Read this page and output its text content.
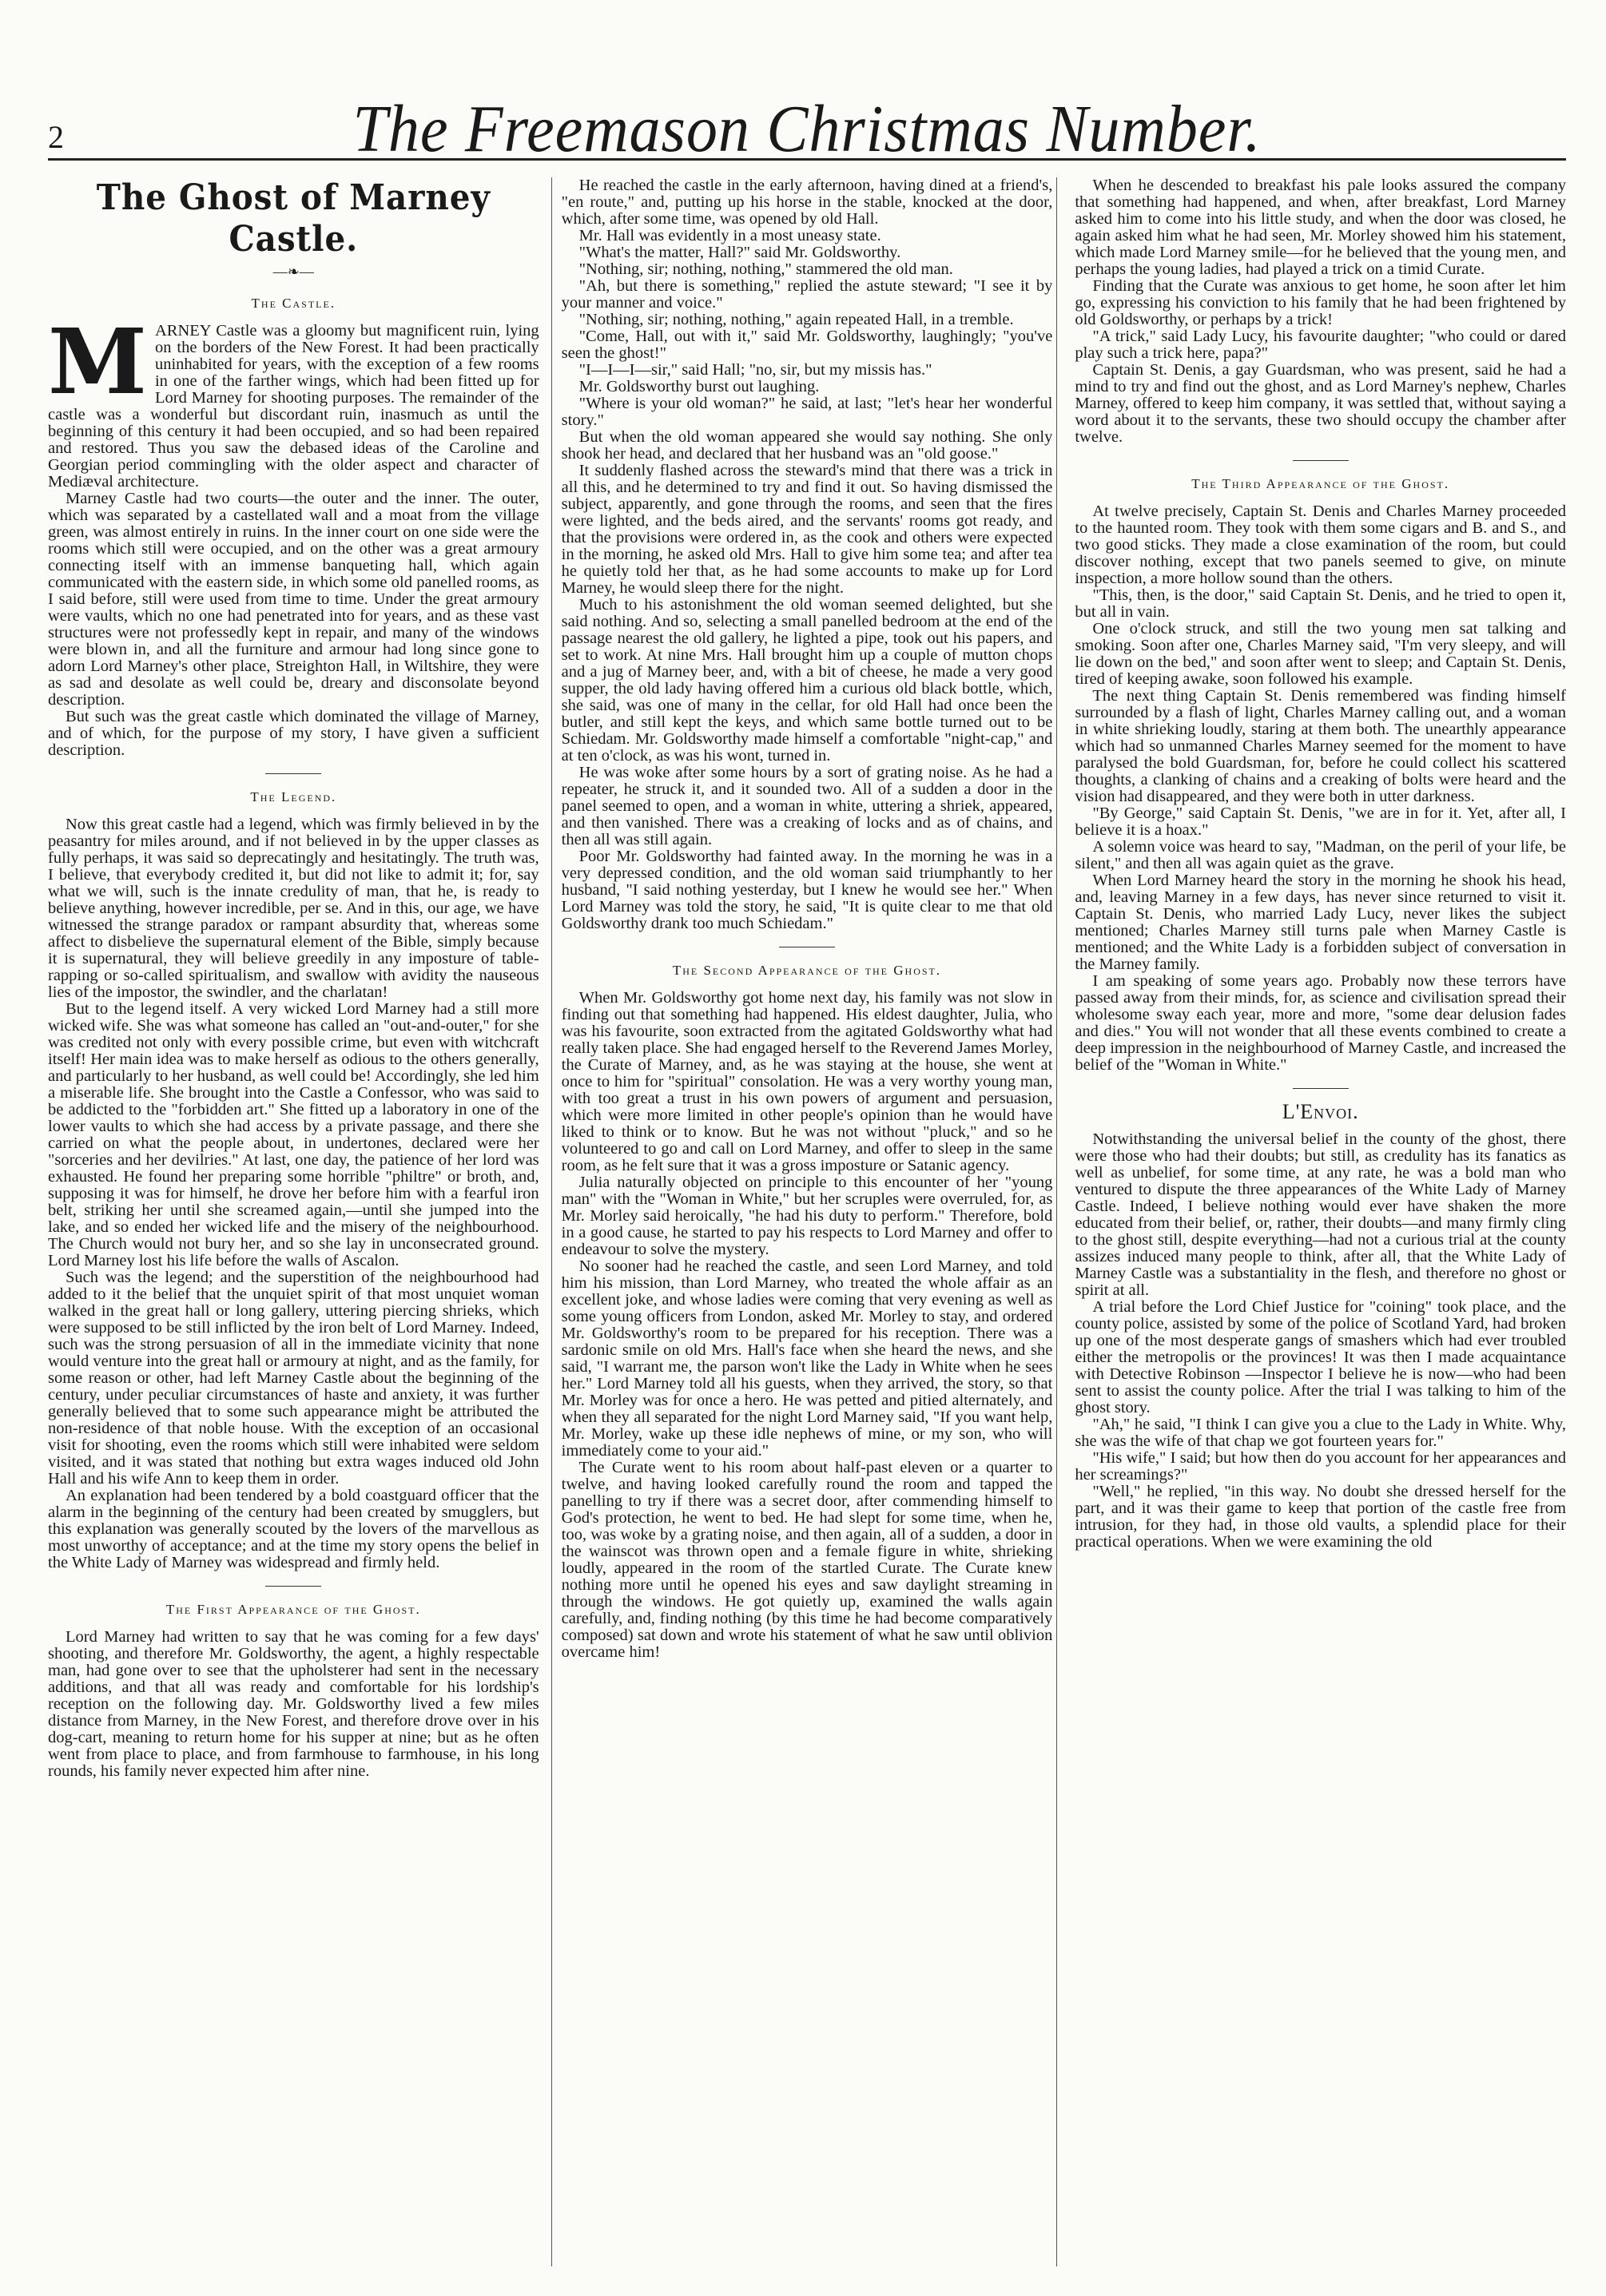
2	The Freemason Christmas Number.
The Ghost of Marney Castle.
—❧—
The Castle.

MARNEY Castle was a gloomy but magnificent ruin, lying on the borders of the New Forest. It had been practically uninhabited for years, with the exception of a few rooms in one of the farther wings, which had been fitted up for Lord Marney for shooting purposes. The remainder of the castle was a wonderful but discordant ruin, inasmuch as until the beginning of this century it had been occupied, and so had been repaired and restored. Thus you saw the debased ideas of the Caroline and Georgian period commingling with the older aspect and character of Mediæval architecture.

Marney Castle had two courts—the outer and the inner. The outer, which was separated by a castellated wall and a moat from the village green, was almost entirely in ruins. In the inner court on one side were the rooms which still were occupied, and on the other was a great armoury connecting itself with an immense banqueting hall, which again communicated with the eastern side, in which some old panelled rooms, as I said before, still were used from time to time. Under the great armoury were vaults, which no one had penetrated into for years, and as these vast structures were not professedly kept in repair, and many of the windows were blown in, and all the furniture and armour had long since gone to adorn Lord Marney's other place, Streighton Hall, in Wiltshire, they were as sad and desolate as well could be, dreary and disconsolate beyond description.

But such was the great castle which dominated the village of Marney, and of which, for the purpose of my story, I have given a sufficient description.

The Legend.

Now this great castle had a legend, which was firmly believed in by the peasantry for miles around, and if not believed in by the upper classes as fully perhaps, it was said so deprecatingly and hesitatingly. The truth was, I believe, that everybody credited it, but did not like to admit it; for, say what we will, such is the innate credulity of man, that he, is ready to believe anything, however incredible, per se. And in this, our age, we have witnessed the strange paradox or rampant absurdity that, whereas some affect to disbelieve the supernatural element of the Bible, simply because it is supernatural, they will believe greedily in any imposture of table-rapping or so-called spiritualism, and swallow with avidity the nauseous lies of the impostor, the swindler, and the charlatan!

But to the legend itself. A very wicked Lord Marney had a still more wicked wife. She was what someone has called an "out-and-outer," for she was credited not only with every possible crime, but even with witchcraft itself! Her main idea was to make herself as odious to the others generally, and particularly to her husband, as well could be! Accordingly, she led him a miserable life. She brought into the Castle a Confessor, who was said to be addicted to the "forbidden art." She fitted up a laboratory in one of the lower vaults to which she had access by a private passage, and there she carried on what the people about, in undertones, declared were her "sorceries and her devilries." At last, one day, the patience of her lord was exhausted. He found her preparing some horrible "philtre" or broth, and, supposing it was for himself, he drove her before him with a fearful iron belt, striking her until she screamed again,—until she jumped into the lake, and so ended her wicked life and the misery of the neighbourhood. The Church would not bury her, and so she lay in unconsecrated ground. Lord Marney lost his life before the walls of Ascalon.

Such was the legend; and the superstition of the neighbourhood had added to it the belief that the unquiet spirit of that most unquiet woman walked in the great hall or long gallery, uttering piercing shrieks, which were supposed to be still inflicted by the iron belt of Lord Marney. Indeed, such was the strong persuasion of all in the immediate vicinity that none would venture into the great hall or armoury at night, and as the family, for some reason or other, had left Marney Castle about the beginning of the century, under peculiar circumstances of haste and anxiety, it was further generally believed that to some such appearance might be attributed the non-residence of that noble house. With the exception of an occasional visit for shooting, even the rooms which still were inhabited were seldom visited, and it was stated that nothing but extra wages induced old John Hall and his wife Ann to keep them in order.

An explanation had been tendered by a bold coastguard officer that the alarm in the beginning of the century had been created by smugglers, but this explanation was generally scouted by the lovers of the marvellous as most unworthy of acceptance; and at the time my story opens the belief in the White Lady of Marney was widespread and firmly held.

The First Appearance of the Ghost.

Lord Marney had written to say that he was coming for a few days' shooting, and therefore Mr. Goldsworthy, the agent, a highly respectable man, had gone over to see that the upholsterer had sent in the necessary additions, and that all was ready and comfortable for his lordship's reception on the following day. Mr. Goldsworthy lived a few miles distance from Marney, in the New Forest, and therefore drove over in his dog-cart, meaning to return home for his supper at nine; but as he often went from place to place, and from farmhouse to farmhouse, in his long rounds, his family never expected him after nine.

He reached the castle in the early afternoon, having dined at a friend's, "en route," and, putting up his horse in the stable, knocked at the door, which, after some time, was opened by old Hall.

Mr. Hall was evidently in a most uneasy state.

"What's the matter, Hall?" said Mr. Goldsworthy.

"Nothing, sir; nothing, nothing," stammered the old man.

"Ah, but there is something," replied the astute steward; "I see it by your manner and voice."

"Nothing, sir; nothing, nothing," again repeated Hall, in a tremble.

"Come, Hall, out with it," said Mr. Goldsworthy, laughingly; "you've seen the ghost!"

"I—I—I—sir," said Hall; "no, sir, but my missis has."

Mr. Goldsworthy burst out laughing.

"Where is your old woman?" he said, at last; "let's hear her wonderful story."

But when the old woman appeared she would say nothing. She only shook her head, and declared that her husband was an "old goose."

It suddenly flashed across the steward's mind that there was a trick in all this, and he determined to try and find it out. So having dismissed the subject, apparently, and gone through the rooms, and seen that the fires were lighted, and the beds aired, and the servants' rooms got ready, and that the provisions were ordered in, as the cook and others were expected in the morning, he asked old Mrs. Hall to give him some tea; and after tea he quietly told her that, as he had some accounts to make up for Lord Marney, he would sleep there for the night.

Much to his astonishment the old woman seemed delighted, but she said nothing. And so, selecting a small panelled bedroom at the end of the passage nearest the old gallery, he lighted a pipe, took out his papers, and set to work. At nine Mrs. Hall brought him up a couple of mutton chops and a jug of Marney beer, and, with a bit of cheese, he made a very good supper, the old lady having offered him a curious old black bottle, which, she said, was one of many in the cellar, for old Hall had once been the butler, and still kept the keys, and which same bottle turned out to be Schiedam. Mr. Goldsworthy made himself a comfortable "night-cap," and at ten o'clock, as was his wont, turned in.

He was woke after some hours by a sort of grating noise. As he had a repeater, he struck it, and it sounded two. All of a sudden a door in the panel seemed to open, and a woman in white, uttering a shriek, appeared, and then vanished. There was a creaking of locks and as of chains, and then all was still again.

Poor Mr. Goldsworthy had fainted away. In the morning he was in a very depressed condition, and the old woman said triumphantly to her husband, "I said nothing yesterday, but I knew he would see her." When Lord Marney was told the story, he said, "It is quite clear to me that old Goldsworthy drank too much Schiedam."

The Second Appearance of the Ghost.

When Mr. Goldsworthy got home next day, his family was not slow in finding out that something had happened. His eldest daughter, Julia, who was his favourite, soon extracted from the agitated Goldsworthy what had really taken place. She had engaged herself to the Reverend James Morley, the Curate of Marney, and, as he was staying at the house, she went at once to him for "spiritual" consolation. He was a very worthy young man, with too great a trust in his own powers of argument and persuasion, which were more limited in other people's opinion than he would have liked to think or to know. But he was not without "pluck," and so he volunteered to go and call on Lord Marney, and offer to sleep in the same room, as he felt sure that it was a gross imposture or Satanic agency.

Julia naturally objected on principle to this encounter of her "young man" with the "Woman in White," but her scruples were overruled, for, as Mr. Morley said heroically, "he had his duty to perform." Therefore, bold in a good cause, he started to pay his respects to Lord Marney and offer to endeavour to solve the mystery.

No sooner had he reached the castle, and seen Lord Marney, and told him his mission, than Lord Marney, who treated the whole affair as an excellent joke, and whose ladies were coming that very evening as well as some young officers from London, asked Mr. Morley to stay, and ordered Mr. Goldsworthy's room to be prepared for his reception. There was a sardonic smile on old Mrs. Hall's face when she heard the news, and she said, "I warrant me, the parson won't like the Lady in White when he sees her." Lord Marney told all his guests, when they arrived, the story, so that Mr. Morley was for once a hero. He was petted and pitied alternately, and when they all separated for the night Lord Marney said, "If you want help, Mr. Morley, wake up these idle nephews of mine, or my son, who will immediately come to your aid."

The Curate went to his room about half-past eleven or a quarter to twelve, and having looked carefully round the room and tapped the panelling to try if there was a secret door, after commending himself to God's protection, he went to bed. He had slept for some time, when he, too, was woke by a grating noise, and then again, all of a sudden, a door in the wainscot was thrown open and a female figure in white, shrieking loudly, appeared in the room of the startled Curate. The Curate knew nothing more until he opened his eyes and saw daylight streaming in through the windows. He got quietly up, examined the walls again carefully, and, finding nothing (by this time he had become comparatively composed) sat down and wrote his statement of what he saw until oblivion overcame him!

When he descended to breakfast his pale looks assured the company that something had happened, and when, after breakfast, Lord Marney asked him to come into his little study, and when the door was closed, he again asked him what he had seen, Mr. Morley showed him his statement, which made Lord Marney smile—for he believed that the young men, and perhaps the young ladies, had played a trick on a timid Curate.

Finding that the Curate was anxious to get home, he soon after let him go, expressing his conviction to his family that he had been frightened by old Goldsworthy, or perhaps by a trick!

"A trick," said Lady Lucy, his favourite daughter; "who could or dared play such a trick here, papa?"

Captain St. Denis, a gay Guardsman, who was present, said he had a mind to try and find out the ghost, and as Lord Marney's nephew, Charles Marney, offered to keep him company, it was settled that, without saying a word about it to the servants, these two should occupy the chamber after twelve.

The Third Appearance of the Ghost.

At twelve precisely, Captain St. Denis and Charles Marney proceeded to the haunted room. They took with them some cigars and B. and S., and two good sticks. They made a close examination of the room, but could discover nothing, except that two panels seemed to give, on minute inspection, a more hollow sound than the others.

"This, then, is the door," said Captain St. Denis, and he tried to open it, but all in vain.

One o'clock struck, and still the two young men sat talking and smoking. Soon after one, Charles Marney said, "I'm very sleepy, and will lie down on the bed," and soon after went to sleep; and Captain St. Denis, tired of keeping awake, soon followed his example.

The next thing Captain St. Denis remembered was finding himself surrounded by a flash of light, Charles Marney calling out, and a woman in white shrieking loudly, staring at them both. The unearthly appearance which had so unmanned Charles Marney seemed for the moment to have paralysed the bold Guardsman, for, before he could collect his scattered thoughts, a clanking of chains and a creaking of bolts were heard and the vision had disappeared, and they were both in utter darkness.

"By George," said Captain St. Denis, "we are in for it. Yet, after all, I believe it is a hoax."

A solemn voice was heard to say, "Madman, on the peril of your life, be silent," and then all was again quiet as the grave.

When Lord Marney heard the story in the morning he shook his head, and, leaving Marney in a few days, has never since returned to visit it. Captain St. Denis, who married Lady Lucy, never likes the subject mentioned; Charles Marney still turns pale when Marney Castle is mentioned; and the White Lady is a forbidden subject of conversation in the Marney family.

I am speaking of some years ago. Probably now these terrors have passed away from their minds, for, as science and civilisation spread their wholesome sway each year, more and more, "some dear delusion fades and dies." You will not wonder that all these events combined to create a deep impression in the neighbourhood of Marney Castle, and increased the belief of the "Woman in White."

L'Envoi.

Notwithstanding the universal belief in the county of the ghost, there were those who had their doubts; but still, as credulity has its fanatics as well as unbelief, for some time, at any rate, he was a bold man who ventured to dispute the three appearances of the White Lady of Marney Castle. Indeed, I believe nothing would ever have shaken the more educated from their belief, or, rather, their doubts—and many firmly cling to the ghost still, despite everything—had not a curious trial at the county assizes induced many people to think, after all, that the White Lady of Marney Castle was a substantiality in the flesh, and therefore no ghost or spirit at all.

A trial before the Lord Chief Justice for "coining" took place, and the county police, assisted by some of the police of Scotland Yard, had broken up one of the most desperate gangs of smashers which had ever troubled either the metropolis or the provinces! It was then I made acquaintance with Detective Robinson —Inspector I believe he is now—who had been sent to assist the county police. After the trial I was talking to him of the ghost story.

"Ah," he said, "I think I can give you a clue to the Lady in White. Why, she was the wife of that chap we got fourteen years for."

"His wife," I said; but how then do you account for her appearances and her screamings?"

"Well," he replied, "in this way. No doubt she dressed herself for the part, and it was their game to keep that portion of the castle free from intrusion, for they had, in those old vaults, a splendid place for their practical operations. When we were examining the old
